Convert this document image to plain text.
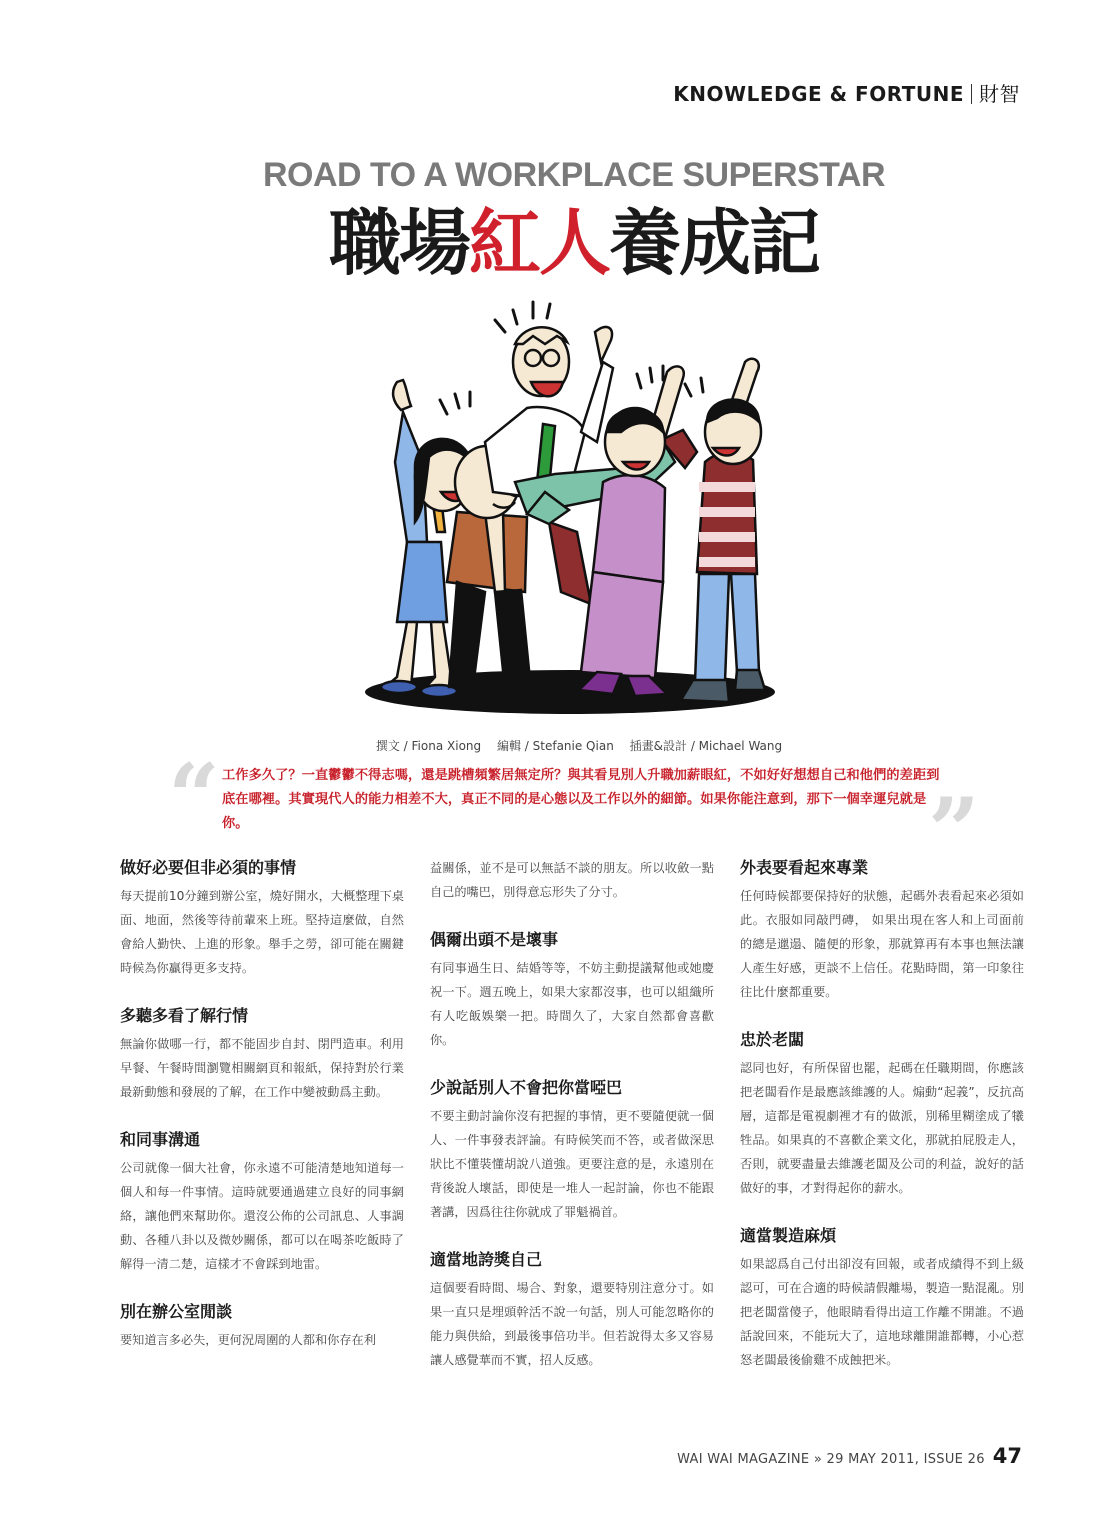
KNOWLEDGE & FORTUNE 財智
ROAD TO A WORKPLACE SUPERSTAR
職場紅人養成記
撰文 / Fiona Xiong 編輯 / Stefanie Qian 插畫&設計 / Michael Wang
“ 工作多久了？一直鬱鬱不得志嗎，還是跳槽頻繁居無定所？與其看見別人升職加薪眼紅，不如好好想想自己和他們的差距到底在哪裡。其實現代人的能力相差不大，真正不同的是心態以及工作以外的細節。如果你能注意到，那下一個幸運兒就是你。	”
做好必要但非必須的事情

每天提前10分鐘到辦公室，燒好開水，大概整理下桌面、地面，然後等待前輩來上班。堅持這麼做，自然會給人勤快、上進的形象。舉手之勞，卻可能在關鍵時候為你贏得更多支持。

多聽多看了解行情

無論你做哪一行，都不能固步自封、閉門造車。利用早餐、午餐時間瀏覽相關網頁和報紙，保持對於行業最新動態和發展的了解，在工作中變被動爲主動。

和同事溝通

公司就像一個大社會，你永遠不可能清楚地知道每一個人和每一件事情。這時就要通過建立良好的同事網絡，讓他們來幫助你。還沒公佈的公司訊息、人事調動、各種八卦以及微妙關係，都可以在喝茶吃飯時了解得一清二楚，這樣才不會踩到地雷。

別在辦公室閒談

要知道言多必失，更何況周圍的人都和你存在利

益關係，並不是可以無話不談的朋友。所以收斂一點自己的嘴巴，別得意忘形失了分寸。

偶爾出頭不是壞事

有同事過生日、結婚等等，不妨主動提議幫他或她慶祝一下。週五晚上，如果大家都沒事，也可以組織所有人吃飯娛樂一把。時間久了，大家自然都會喜歡你。

少說話別人不會把你當啞巴

不要主動討論你沒有把握的事情，更不要隨便就一個人、一件事發表評論。有時候笑而不答，或者做深思狀比不懂裝懂胡說八道強。更要注意的是，永遠別在背後說人壞話，即使是一堆人一起討論，你也不能跟著講，因爲往往你就成了罪魁禍首。

適當地誇獎自己

這個要看時間、場合、對象，還要特別注意分寸。如果一直只是埋頭幹活不說一句話，別人可能忽略你的能力與供給，到最後事倍功半。但若說得太多又容易讓人感覺華而不實，招人反感。

外表要看起來專業

任何時候都要保持好的狀態，起碼外表看起來必須如此。衣服如同敲門磚， 如果出現在客人和上司面前的總是邋遢、隨便的形象，那就算再有本事也無法讓人產生好感，更談不上信任。花點時間，第一印象往往比什麼都重要。

忠於老闆

認同也好，有所保留也罷，起碼在任職期間，你應該把老闆看作是最應該維護的人。煽動“起義”，反抗高層，這都是電視劇裡才有的做派，別稀里糊塗成了犧牲品。如果真的不喜歡企業文化，那就拍屁股走人，否則，就要盡量去維護老闆及公司的利益，說好的話做好的事，才對得起你的薪水。

適當製造麻煩

如果認爲自己付出卻沒有回報，或者成績得不到上級認可，可在合適的時候請假離場，製造一點混亂。別把老闆當傻子，他眼睛看得出這工作離不開誰。不過話說回來，不能玩大了，這地球離開誰都轉，小心惹怒老闆最後偷雞不成蝕把米。

WAI WAI MAGAZINE » 29 MAY 2011, ISSUE 26 47
